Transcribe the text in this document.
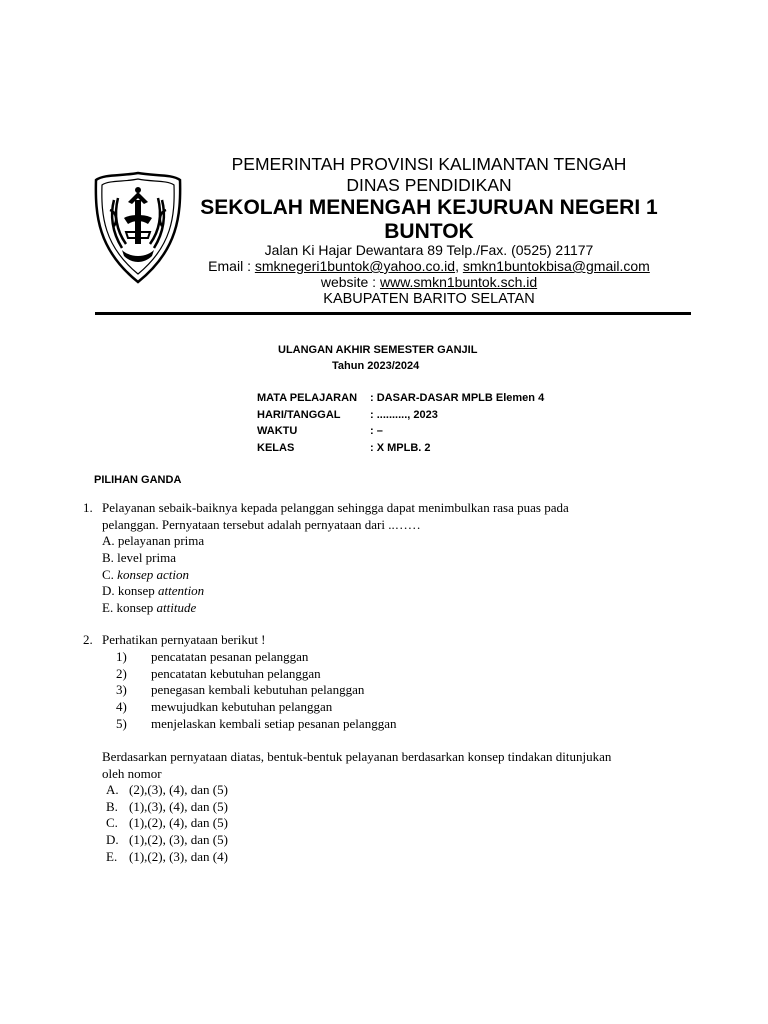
PEMERINTAH PROVINSI KALIMANTAN TENGAH
DINAS PENDIDIKAN
SEKOLAH MENENGAH KEJURUAN NEGERI 1
BUNTOK
Jalan Ki Hajar Dewantara 89 Telp./Fax. (0525) 21177
Email : smknegeri1buntok@yahoo.co.id, smkn1buntokbisa@gmail.com
website : www.smkn1buntok.sch.id
KABUPATEN BARITO SELATAN
ULANGAN AKHIR SEMESTER GANJIL
Tahun 2023/2024
MATA PELAJARAN : DASAR-DASAR MPLB Elemen 4
HARI/TANGGAL	: .........., 2023
WAKTU	: –
KELAS	: X MPLB. 2
PILIHAN GANDA
1. Pelayanan sebaik-baiknya kepada pelanggan sehingga dapat menimbulkan rasa puas pada
pelanggan. Pernyataan tersebut adalah pernyataan dari ..……
A. pelayanan prima
B. level prima
C. konsep action
D. konsep attention
E. konsep attitude
2. Perhatikan pernyataan berikut !
1) pencatatan pesanan pelanggan
2) pencatatan kebutuhan pelanggan
3) penegasan kembali kebutuhan pelanggan
4) mewujudkan kebutuhan pelanggan
5) menjelaskan kembali setiap pesanan pelanggan
Berdasarkan pernyataan diatas, bentuk-bentuk pelayanan berdasarkan konsep tindakan ditunjukan
oleh nomor
A. (2),(3), (4), dan (5)
B. (1),(3), (4), dan (5)
C. (1),(2), (4), dan (5)
D. (1),(2), (3), dan (5)
E. (1),(2), (3), dan (4)
